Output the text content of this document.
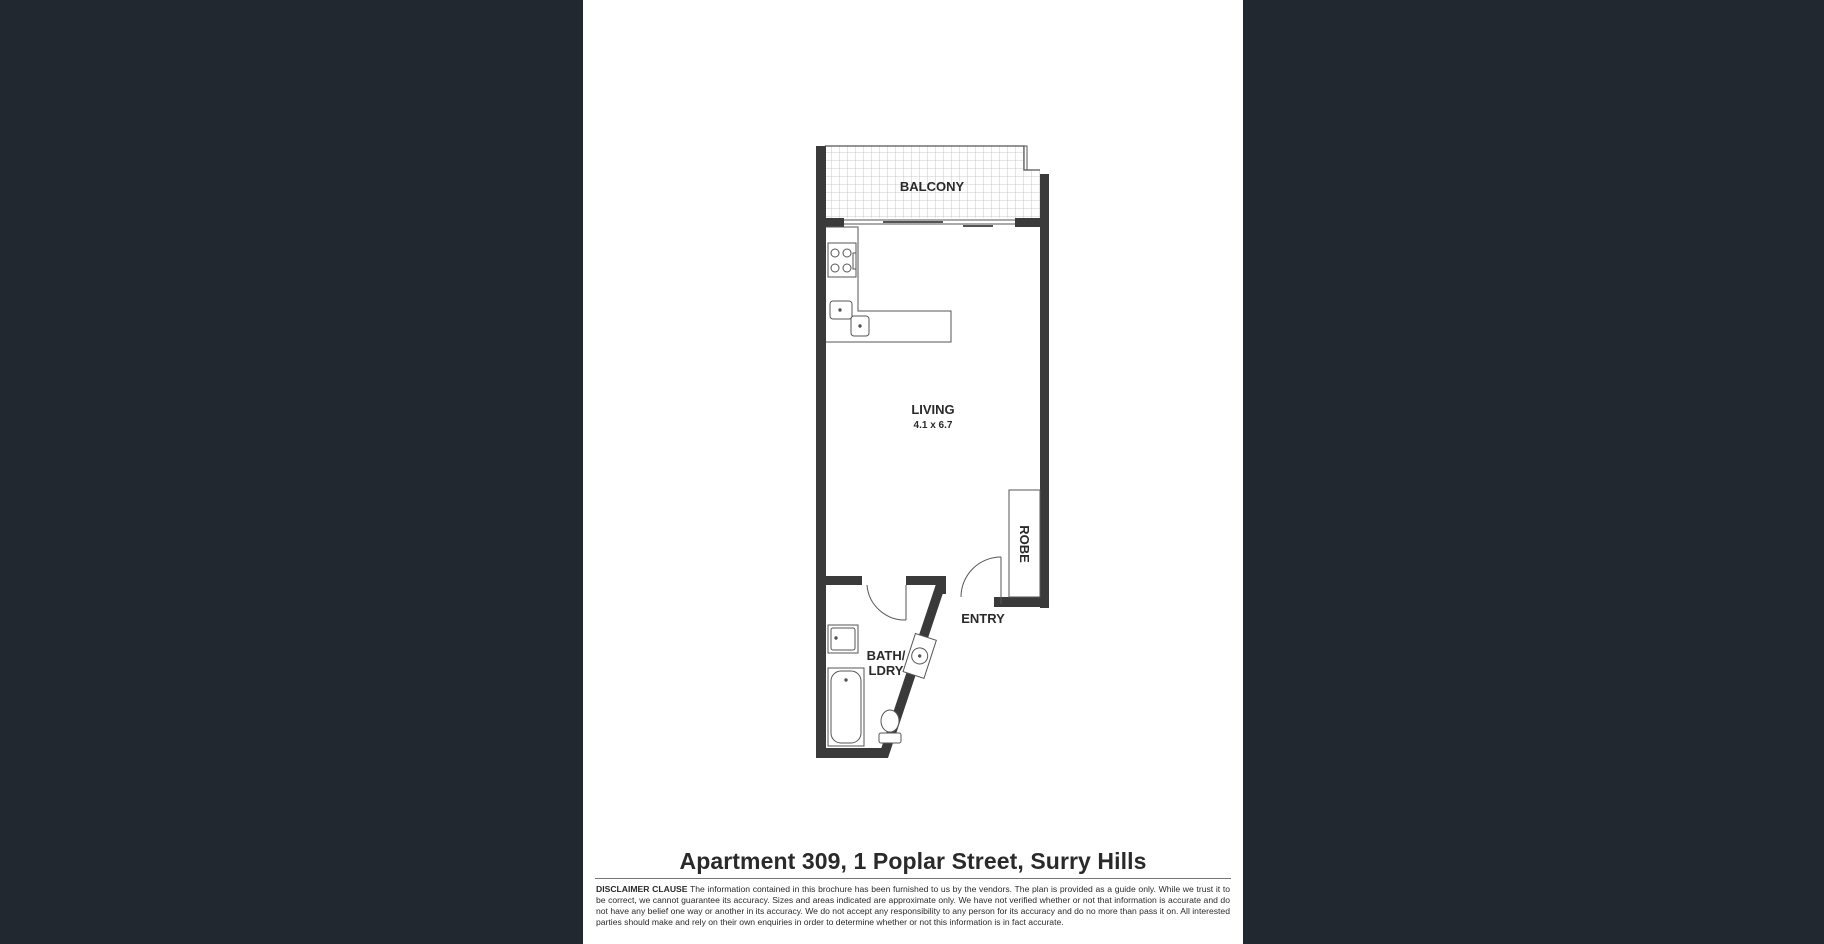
BALCONY
LIVING
4.1 x 6.7
ROBE
ENTRY
BATH/
LDRY
Apartment 309, 1 Poplar Street, Surry Hills
DISCLAIMER CLAUSE The information contained in this brochure has been furnished to us by the vendors. The plan is provided as a guide only. While we trust it to be correct, we cannot guarantee its accuracy. Sizes and areas indicated are approximate only. We have not verified whether or not that information is accurate and do not have any belief one way or another in its accuracy. We do not accept any responsibility to any person for its accuracy and do no more than pass it on. All interested parties should make and rely on their own enquiries in order to determine whether or not this information is in fact accurate.
